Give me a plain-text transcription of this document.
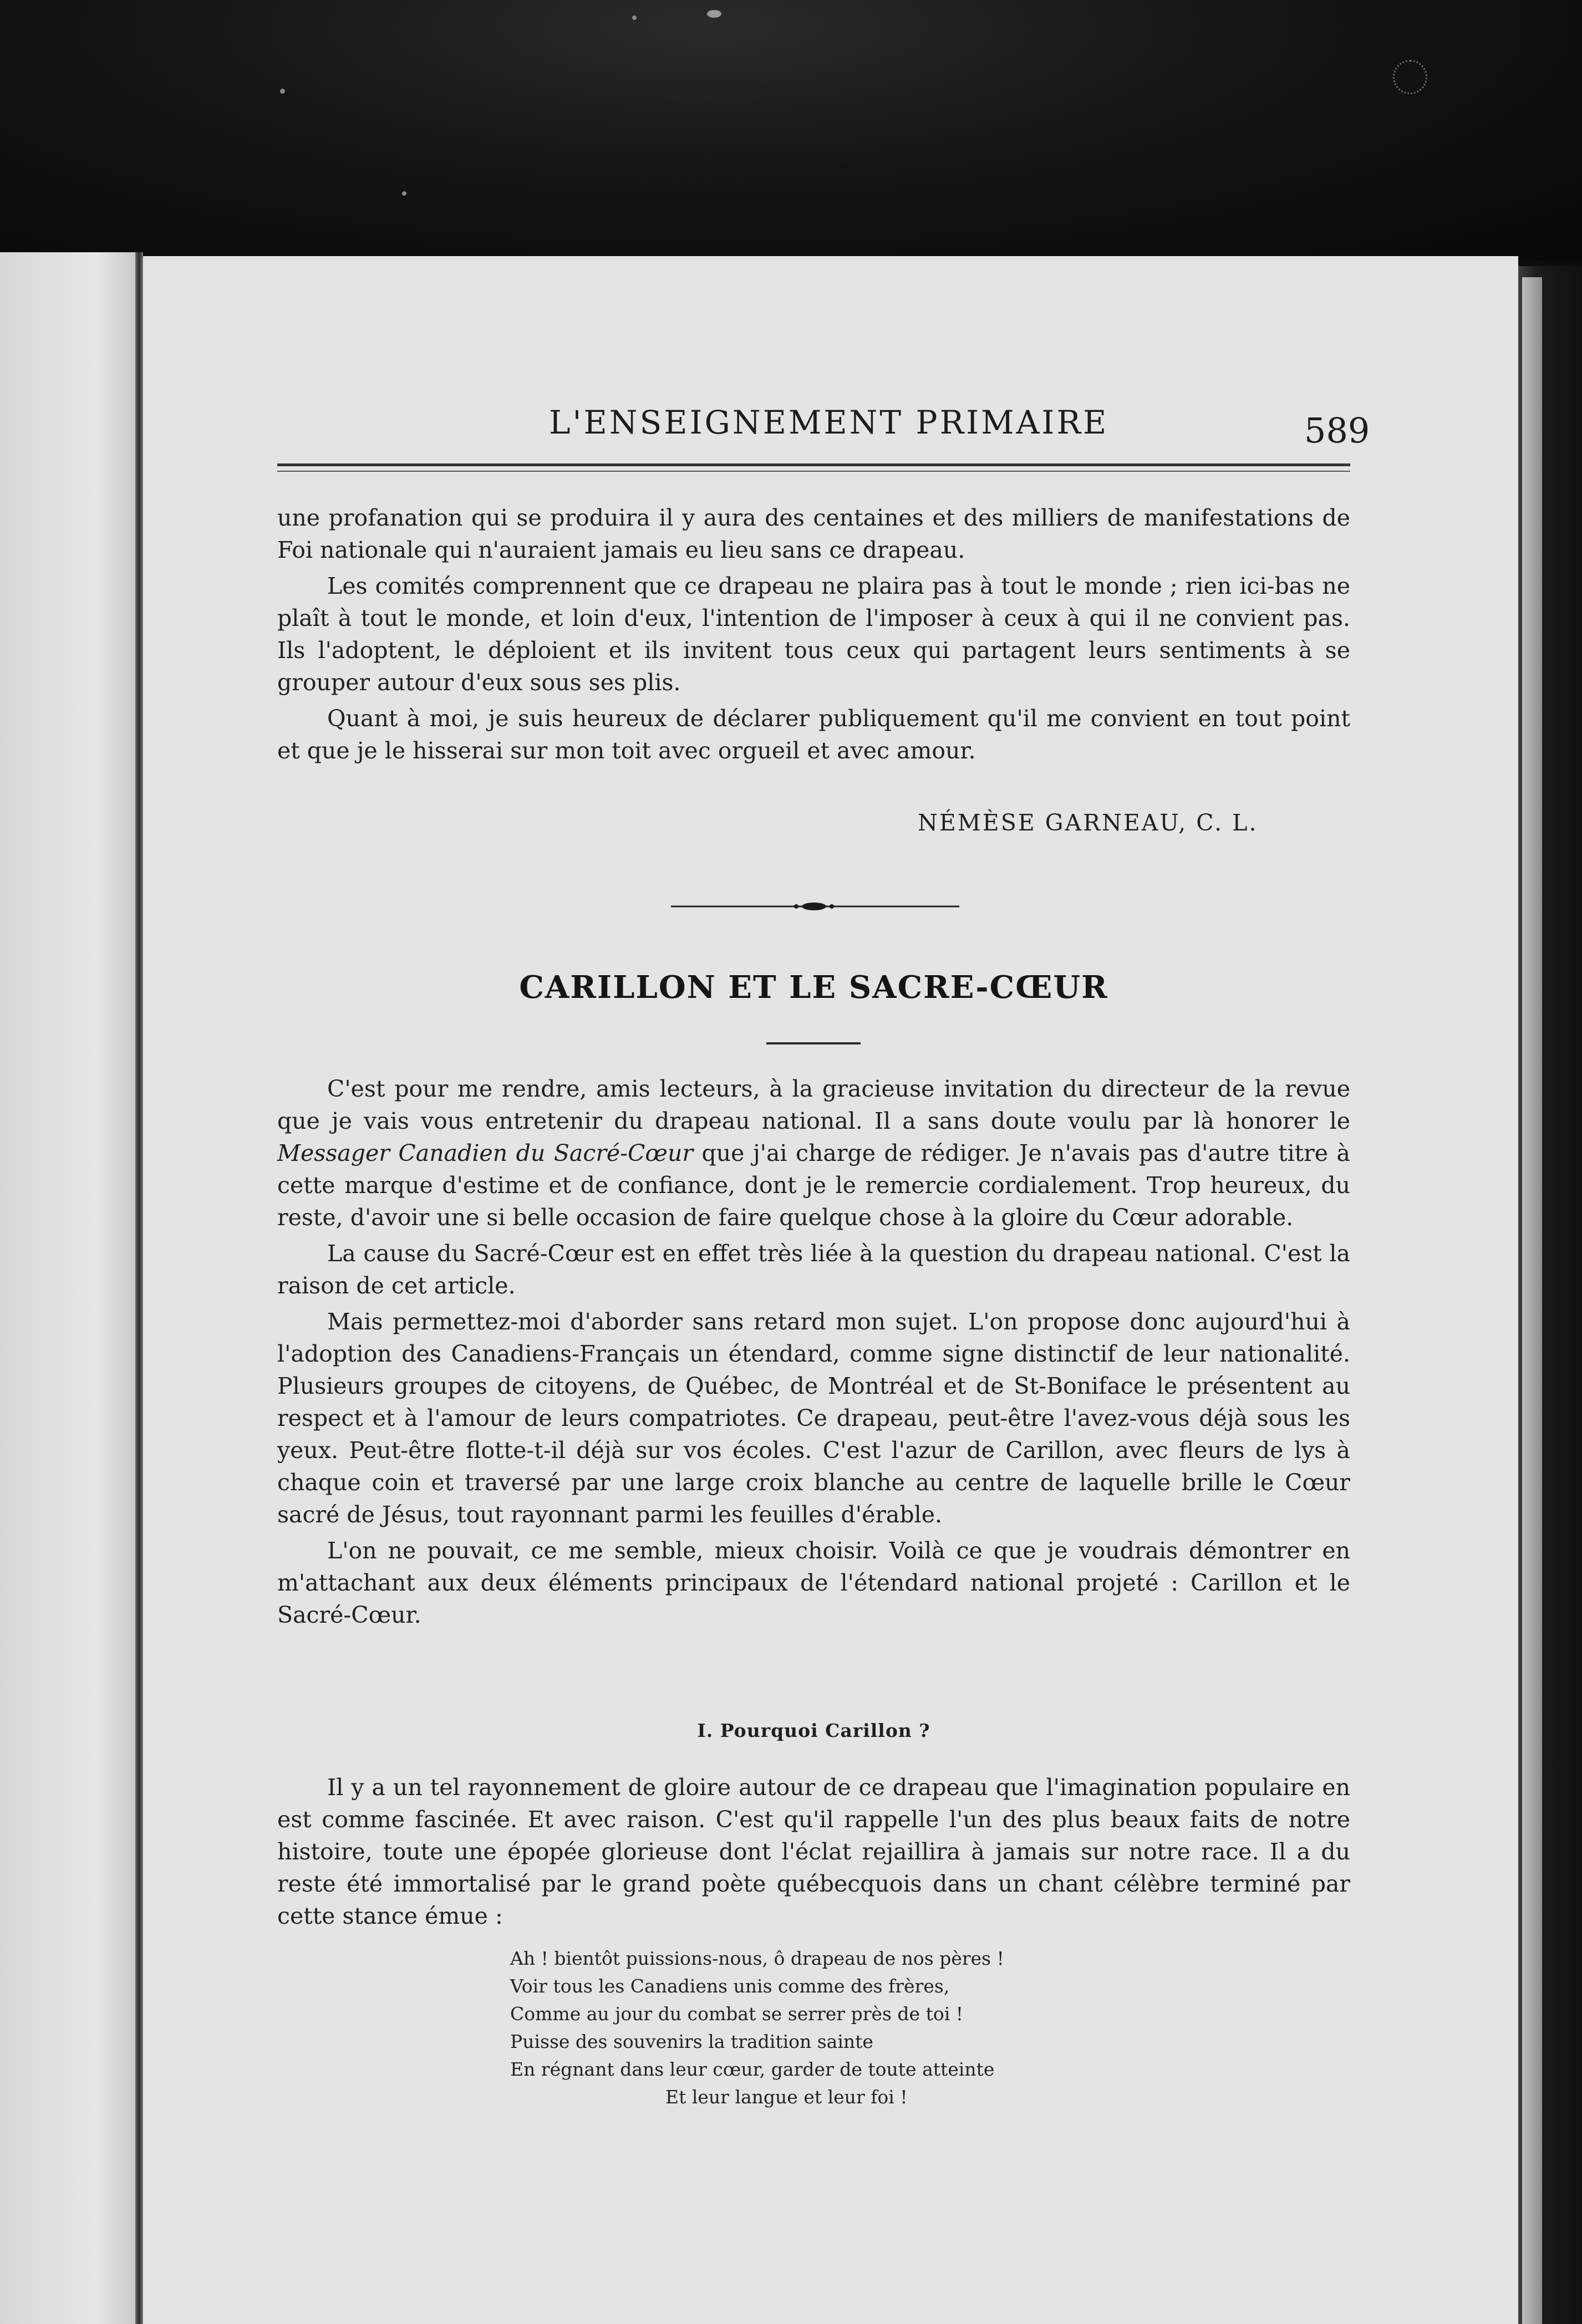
L'ENSEIGNEMENT PRIMAIRE	589

une profanation qui se produira il y aura des centaines et des milliers de manifestations de Foi nationale qui n'auraient jamais eu lieu sans ce drapeau.

Les comités comprennent que ce drapeau ne plaira pas à tout le monde ; rien ici-bas ne plaît à tout le monde, et loin d'eux, l'intention de l'imposer à ceux à qui il ne convient pas. Ils l'adoptent, le déploient et ils invitent tous ceux qui partagent leurs sentiments à se grouper autour d'eux sous ses plis.

Quant à moi, je suis heureux de déclarer publiquement qu'il me convient en tout point et que je le hisserai sur mon toit avec orgueil et avec amour.

NÉMÈSE GARNEAU, C. L.
CARILLON ET LE SACRE-CŒUR

C'est pour me rendre, amis lecteurs, à la gracieuse invitation du directeur de la revue que je vais vous entretenir du drapeau national. Il a sans doute voulu par là honorer le Messager Canadien du Sacré-Cœur que j'ai charge de rédiger. Je n'avais pas d'autre titre à cette marque d'estime et de confiance, dont je le remercie cordialement. Trop heureux, du reste, d'avoir une si belle occasion de faire quelque chose à la gloire du Cœur adorable.

La cause du Sacré-Cœur est en effet très liée à la question du drapeau national. C'est la raison de cet article.

Mais permettez-moi d'aborder sans retard mon sujet. L'on propose donc aujourd'hui à l'adoption des Canadiens-Français un étendard, comme signe distinctif de leur nationalité. Plusieurs groupes de citoyens, de Québec, de Montréal et de St-Boniface le présentent au respect et à l'amour de leurs compatriotes. Ce drapeau, peut-être l'avez-vous déjà sous les yeux. Peut-être flotte-t-il déjà sur vos écoles. C'est l'azur de Carillon, avec fleurs de lys à chaque coin et traversé par une large croix blanche au centre de laquelle brille le Cœur sacré de Jésus, tout rayonnant parmi les feuilles d'érable.

L'on ne pouvait, ce me semble, mieux choisir. Voilà ce que je voudrais démontrer en m'attachant aux deux éléments principaux de l'étendard national projeté : Carillon et le Sacré-Cœur.

I. Pourquoi Carillon ?

Il y a un tel rayonnement de gloire autour de ce drapeau que l'imagination populaire en est comme fascinée. Et avec raison. C'est qu'il rappelle l'un des plus beaux faits de notre histoire, toute une épopée glorieuse dont l'éclat rejaillira à jamais sur notre race. Il a du reste été immortalisé par le grand poète québecquois dans un chant célèbre terminé par cette stance émue :

Ah ! bientôt puissions-nous, ô drapeau de nos pères !
Voir tous les Canadiens unis comme des frères,
Comme au jour du combat se serrer près de toi !
Puisse des souvenirs la tradition sainte
En régnant dans leur cœur, garder de toute atteinte
Et leur langue et leur foi !
